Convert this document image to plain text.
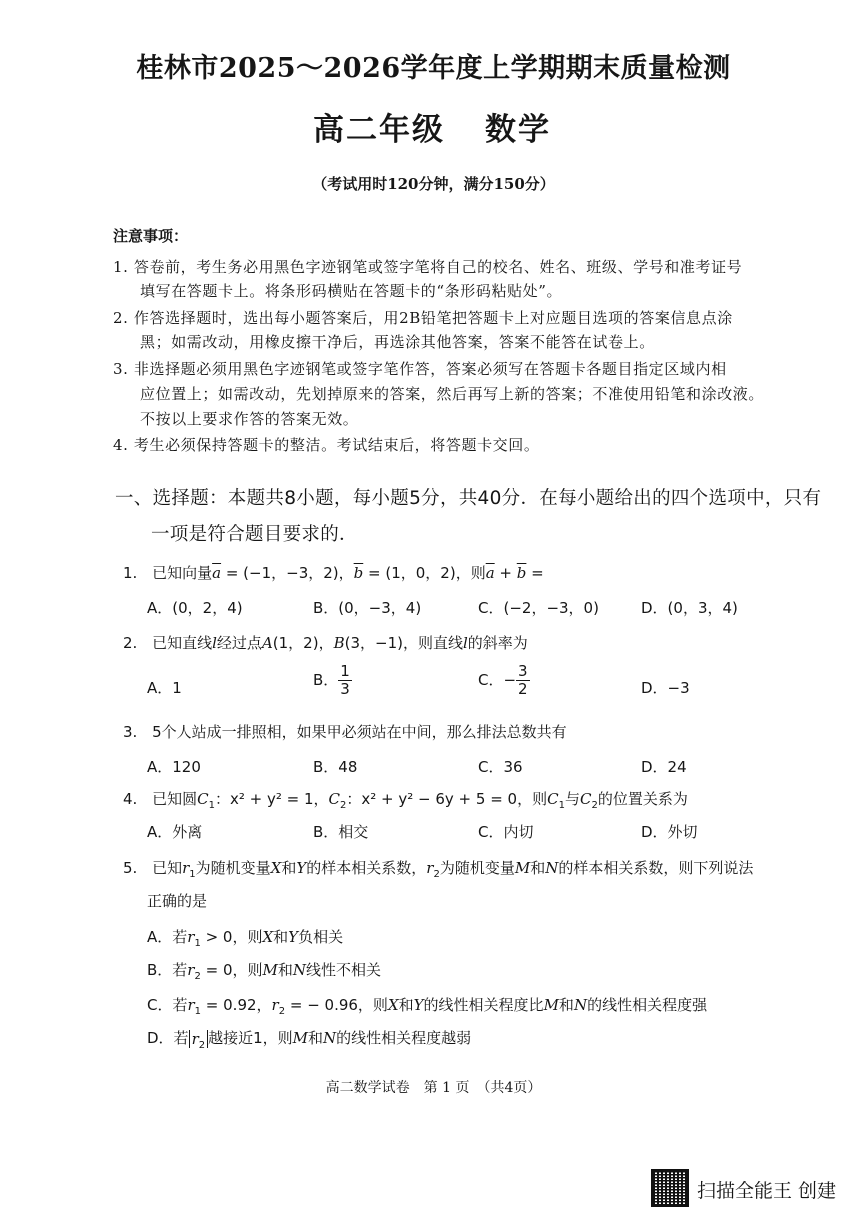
桂林市2025～2026学年度上学期期末质量检测
高二年级 数学
（考试用时120分钟，满分150分）
注意事项：
1. 答卷前，考生务必用黑色字迹钢笔或签字笔将自己的校名、姓名、班级、学号和准考证号
填写在答题卡上。将条形码横贴在答题卡的“条形码粘贴处”。
2. 作答选择题时，选出每小题答案后，用2B铅笔把答题卡上对应题目选项的答案信息点涂
黑；如需改动，用橡皮擦干净后，再选涂其他答案，答案不能答在试卷上。
3. 非选择题必须用黑色字迹钢笔或签字笔作答，答案必须写在答题卡各题目指定区域内相
应位置上；如需改动，先划掉原来的答案，然后再写上新的答案；不准使用铅笔和涂改液。
不按以上要求作答的答案无效。
4. 考生必须保持答题卡的整洁。考试结束后，将答题卡交回。
一、选择题：本题共8小题，每小题5分，共40分．在每小题给出的四个选项中，只有
一项是符合题目要求的．
1. 已知向量$\overline{a} = (-1$，−3，2)，$\overline{b} = (1$，0，2)，则$\overline{a} + \overline{b}$ =
A．(0，2，4)	B．(0，−3，4)	C．(−2，−3，0)	D．(0，3，4)
2. 已知直线l经过点A(1，2)，B(3，−1)，则直线l的斜率为
A．1	B． $\frac{1}{3}$	C．− $\frac{3}{2}$	D．−3
3. 5个人站成一排照相，如果甲必须站在中间，那么排法总数共有
A．120	B．48	C．36	D．24
4. 已知圆$C_1$：x² + y² = 1，$C_2$：x² + y² − 6y + 5 = 0，则$C_1$与$C_2$的位置关系为
A．外离	B．相交	C．内切	D．外切
5. 已知$r_1$为随机变量X和Y的样本相关系数，$r_2$为随机变量M和N的样本相关系数，则下列说法
正确的是
A．若$r_1 > 0$，则X和Y负相关
B．若$r_2 = 0$，则M和N线性不相关
C．若$r_1 = 0.92$，$r_2$ = − 0.96，则X和Y的线性相关程度比M和N的线性相关程度强
D．若 $r_2$ 越接近1，则M和N的线性相关程度越弱
高二数学试卷　第 1 页　（共4页）
扫描全能王 创建
